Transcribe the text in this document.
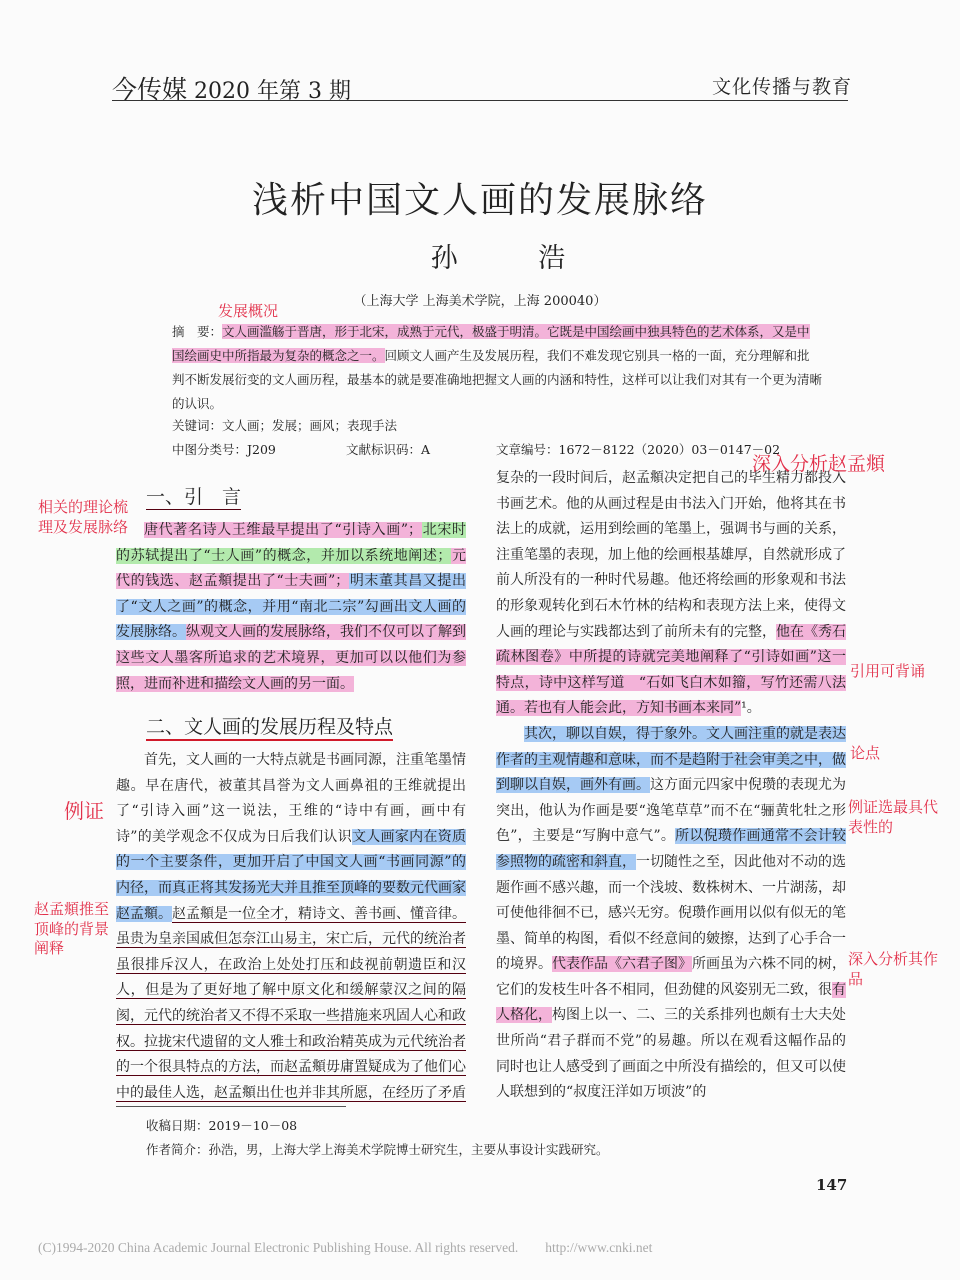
今传媒 2020 年第 3 期	文化传播与教育
浅析中国文人画的发展脉络
孙 浩
（上海大学 上海美术学院，上海 200040）

摘　要：文人画滥觞于晋唐，形于北宋，成熟于元代，极盛于明清。它既是中国绘画中独具特色的艺术体系，又是中国绘画史中所指最为复杂的概念之一。回顾文人画产生及发展历程，我们不难发现它别具一格的一面，充分理解和批判不断发展衍变的文人画历程，最基本的就是要准确地把握文人画的内涵和特性，这样可以让我们对其有一个更为清晰的认识。

关键词：文人画；发展；画风；表现手法
中图分类号：J209	文献标识码：A	文章编号：1672－8122（2020）03－0147－02
一、引　言

唐代著名诗人王维最早提出了“引诗入画”；北宋时的苏轼提出了“士人画”的概念，并加以系统地阐述；元代的钱选、赵孟頫提出了“士夫画”；明末董其昌又提出了“文人之画”的概念，并用“南北二宗”勾画出文人画的发展脉络。纵观文人画的发展脉络，我们不仅可以了解到这些文人墨客所追求的艺术境界，更加可以以他们为参照，进而补进和描绘文人画的另一面。

二、文人画的发展历程及特点

首先，文人画的一大特点就是书画同源，注重笔墨情趣。早在唐代，被董其昌誉为文人画鼻祖的王维就提出了“引诗入画”这一说法，王维的“诗中有画，画中有诗”的美学观念不仅成为日后我们认识文人画家内在资质的一个主要条件，更加开启了中国文人画“书画同源”的内径，而真正将其发扬光大并且推至顶峰的要数元代画家赵孟頫。赵孟頫是一位全才，精诗文、善书画、懂音律。虽贵为皇亲国戚但怎奈江山易主，宋亡后，元代的统治者虽很排斥汉人，在政治上处处打压和歧视前朝遗臣和汉人，但是为了更好地了解中原文化和缓解蒙汉之间的隔阂，元代的统治者又不得不采取一些措施来巩固人心和政权。拉拢宋代遗留的文人雅士和政治精英成为元代统治者的一个很具特点的方法，而赵孟頫毋庸置疑成为了他们心中的最佳人选，赵孟頫出仕也并非其所愿，在经历了矛盾

复杂的一段时间后，赵孟頫决定把自己的毕生精力都投入书画艺术。他的从画过程是由书法入门开始，他将其在书法上的成就，运用到绘画的笔墨上，强调书与画的关系，注重笔墨的表现，加上他的绘画根基雄厚，自然就形成了前人所没有的一种时代易趣。他还将绘画的形象观和书法的形象观转化到石木竹林的结构和表现方法上来，使得文人画的理论与实践都达到了前所未有的完整，他在《秀石疏林图卷》中所提的诗就完美地阐释了“引诗如画”这一特点，诗中这样写道　“石如飞白木如籀，写竹还需八法通。若也有人能会此，方知书画本来同”¹。

其次，聊以自娱，得于象外。文人画注重的就是表达作者的主观情趣和意味，而不是趋附于社会审美之中，做到聊以自娱，画外有画。这方面元四家中倪瓒的表现尤为突出，他认为作画是要“逸笔草草”而不在“骊黄牝牡之形色”，主要是“写胸中意气”。所以倪瓒作画通常不会计较参照物的疏密和斜直，一切随性之至，因此他对不动的选题作画不感兴趣，而一个浅坡、数株树木、一片湖荡，却可使他徘徊不已，感兴无穷。倪瓒作画用以似有似无的笔墨、简单的构图，看似不经意间的皴擦，达到了心手合一的境界。代表作品《六君子图》所画虽为六株不同的树，它们的发枝生叶各不相同，但劲健的风姿别无二致，很有人格化，构图上以一、二、三的关系排列也颇有士大夫处世所尚“君子群而不党”的易趣。所以在观看这幅作品的同时也让人感受到了画面之中所没有描绘的，但又可以使人联想到的“叔度汪洋如万顷波”的

收稿日期：2019－10－08
作者简介：孙浩，男，上海大学上海美术学院博士研究生，主要从事设计实践研究。
147
(C)1994-2020 China Academic Journal Electronic Publishing House. All rights reserved.　　http://www.cnki.net
发展概况
相关的理论梳理及发展脉络
深入分析赵孟頫
引用可背诵
例证
论点
例证选最具代表性的
赵孟頫推至顶峰的背景阐释
深入分析其作品
